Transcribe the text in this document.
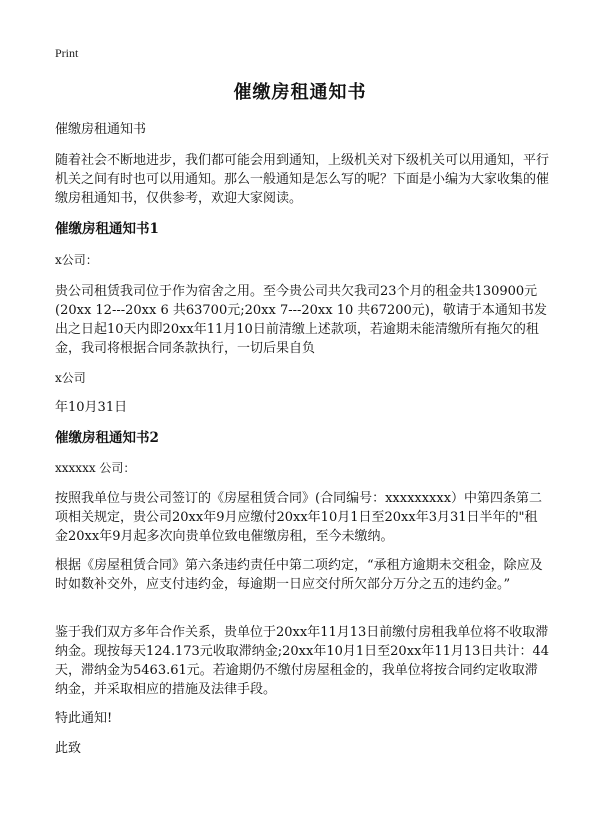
Print
催缴房租通知书

催缴房租通知书

随着社会不断地进步，我们都可能会用到通知，上级机关对下级机关可以用通知，平行机关之间有时也可以用通知。那么一般通知是怎么写的呢？下面是小编为大家收集的催缴房租通知书，仅供参考，欢迎大家阅读。

催缴房租通知书1

x公司：

贵公司租赁我司位于作为宿舍之用。至今贵公司共欠我司23个月的租金共130900元(20xx 12---20xx 6 共63700元;20xx 7---20xx 10 共67200元)，敬请于本通知书发出之日起10天内即20xx年11月10日前清缴上述款项，若逾期未能清缴所有拖欠的租金，我司将根据合同条款执行，一切后果自负

x公司

年10月31日

催缴房租通知书2

xxxxxx 公司：

按照我单位与贵公司签订的《房屋租赁合同》(合同编号：xxxxxxxxx）中第四条第二项相关规定，贵公司20xx年9月应缴付20xx年10月1日至20xx年3月31日半年的"租金20xx年9月起多次向贵单位致电催缴房租，至今未缴纳。

根据《房屋租赁合同》第六条违约责任中第二项约定，“承租方逾期未交租金，除应及时如数补交外，应支付违约金，每逾期一日应交付所欠部分万分之五的违约金。”

鉴于我们双方多年合作关系，贵单位于20xx年11月13日前缴付房租我单位将不收取滞纳金。现按每天124.173元收取滞纳金;20xx年10月1日至20xx年11月13日共计：44天，滞纳金为5463.61元。若逾期仍不缴付房屋租金的，我单位将按合同约定收取滞纳金，并采取相应的措施及法律手段。

特此通知!

此致
